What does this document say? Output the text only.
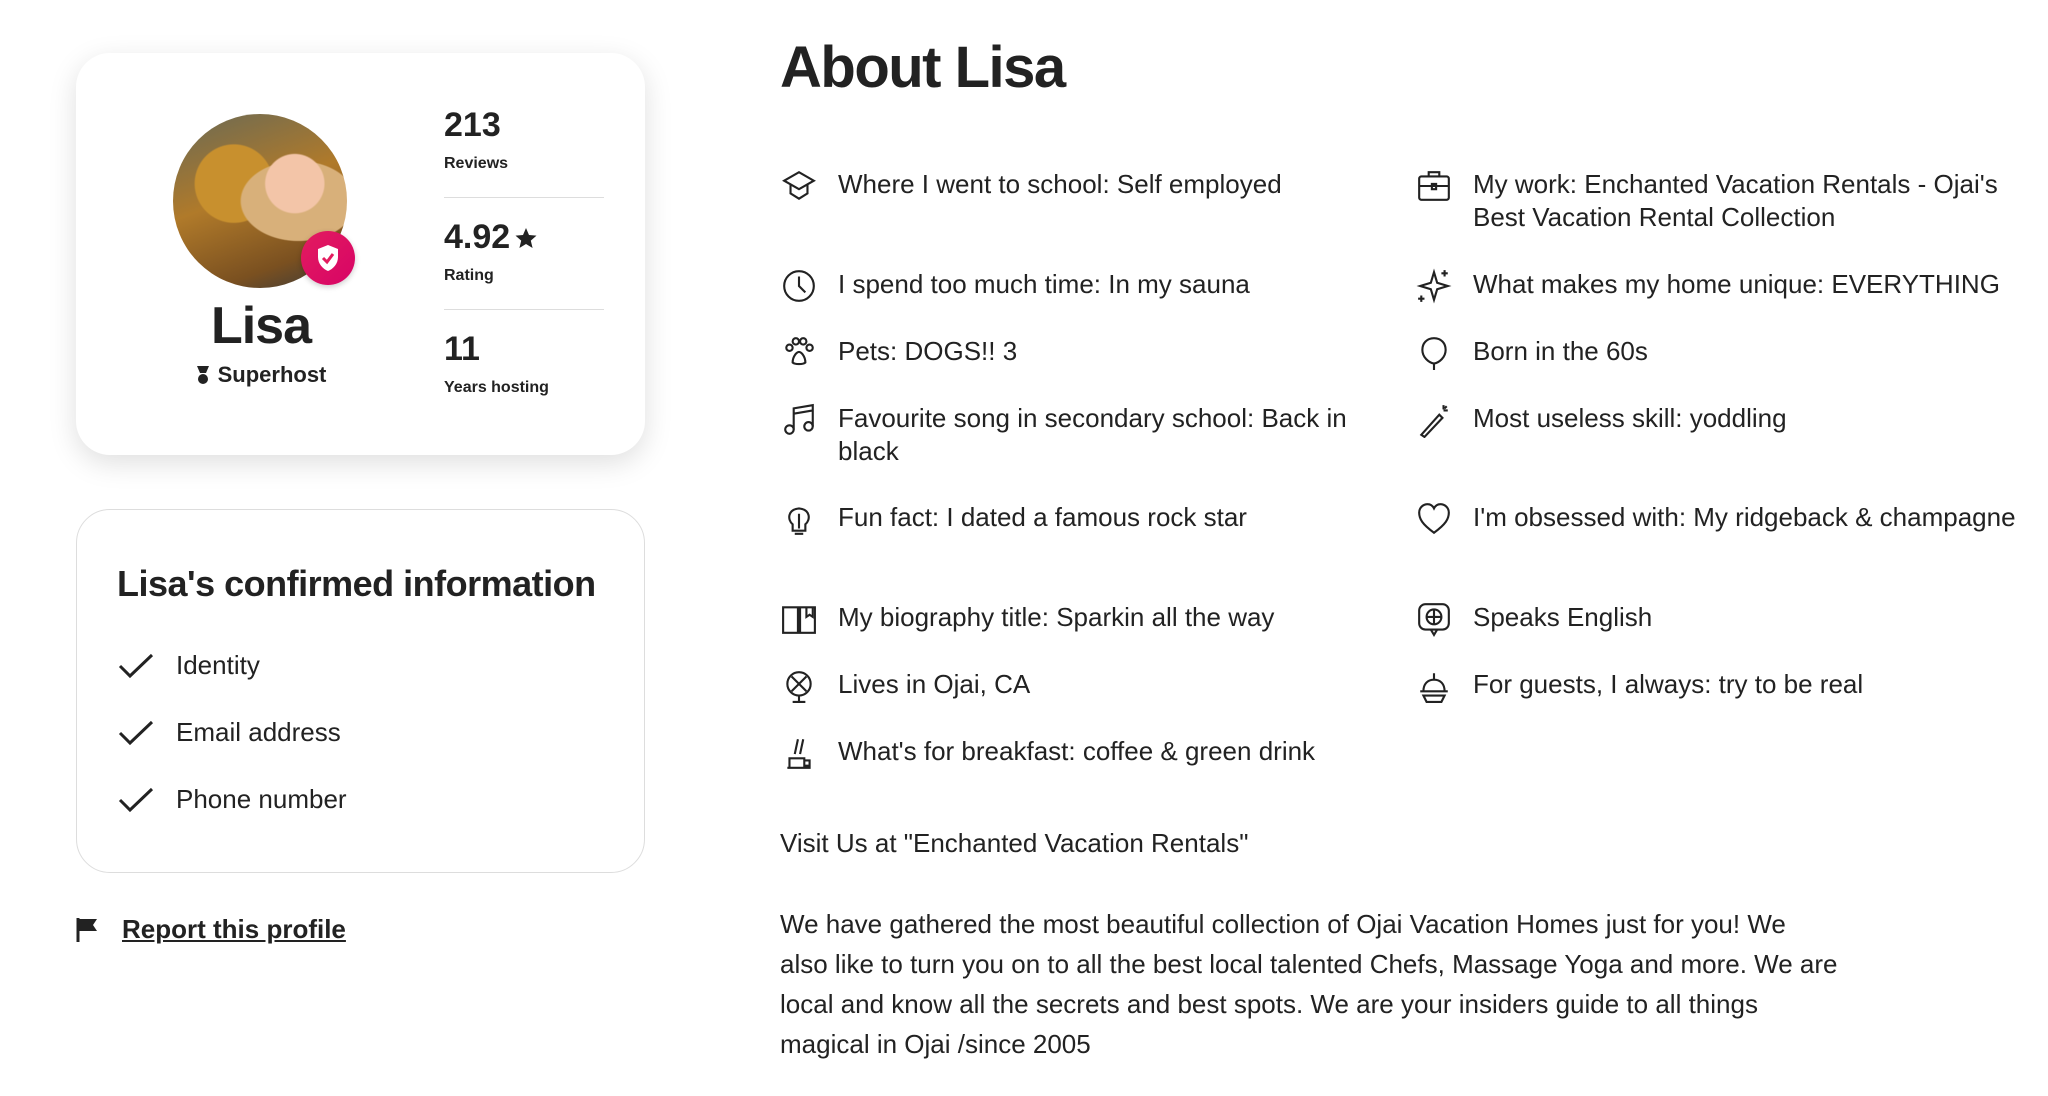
Lisa
Superhost
213
Reviews
4.92
Rating
11
Years hosting
Lisa's confirmed information
Identity
Email address
Phone number
Report this profile
About Lisa
Where I went to school: Self employed
I spend too much time: In my sauna
Pets: DOGS!! 3
Favourite song in secondary school: Back in black
Fun fact: I dated a famous rock star
My biography title: Sparkin all the way
Lives in Ojai, CA
What's for breakfast: coffee & green drink
My work: Enchanted Vacation Rentals - Ojai's Best Vacation Rental Collection
What makes my home unique: EVERYTHING
Born in the 60s
Most useless skill: yoddling
I'm obsessed with: My ridgeback & champagne
Speaks English
For guests, I always: try to be real
Visit Us at "Enchanted Vacation Rentals"
We have gathered the most beautiful collection of Ojai Vacation Homes just for you! We also like to turn you on to all the best local talented Chefs, Massage Yoga and more. We are local and know all the secrets and best spots. We are your insiders guide to all things magical in Ojai /since 2005
